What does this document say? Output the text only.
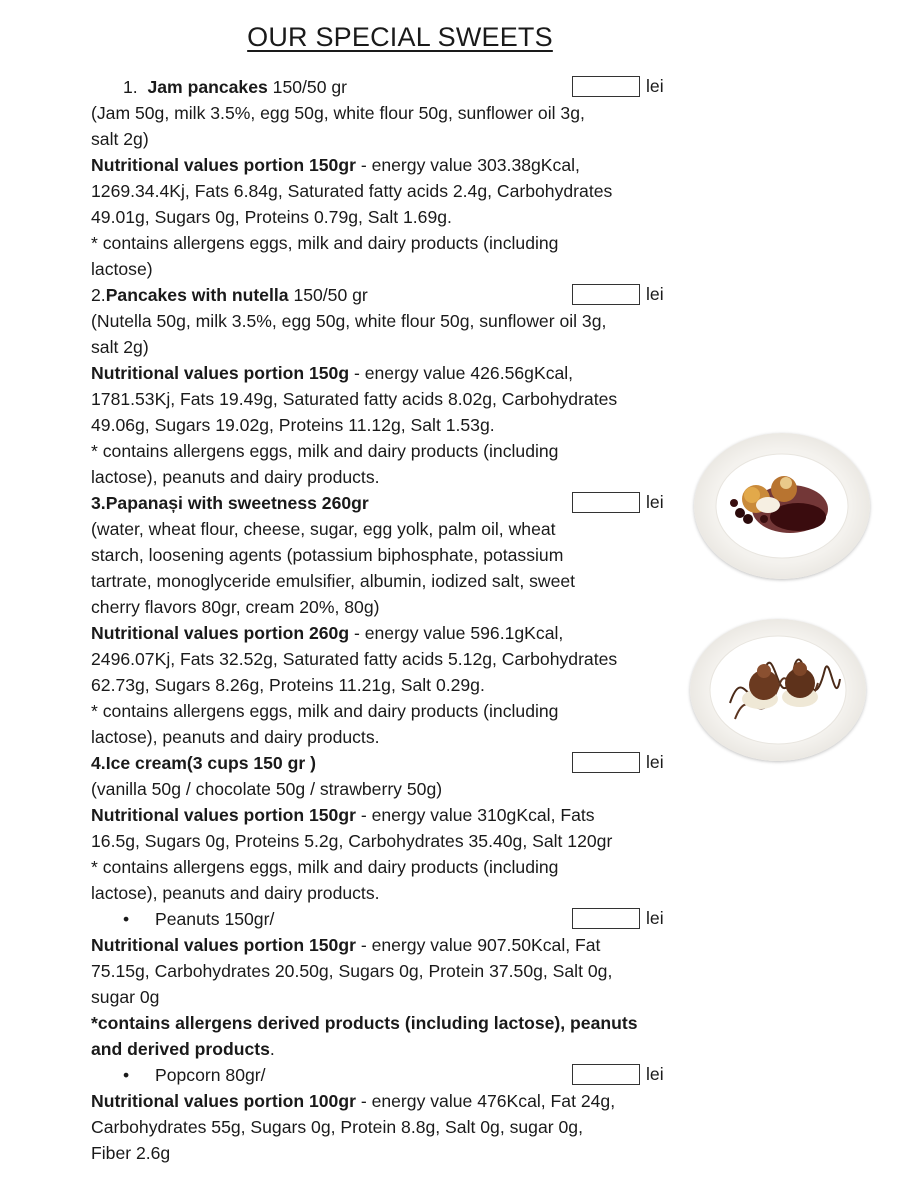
OUR SPECIAL SWEETS
1. Jam pancakes 150/50 gr	lei
(Jam 50g, milk 3.5%, egg 50g, white flour 50g, sunflower oil 3g,
salt 2g)
Nutritional values portion 150gr - energy value 303.38gKcal,
1269.34.4Kj, Fats 6.84g, Saturated fatty acids 2.4g, Carbohydrates
49.01g, Sugars 0g, Proteins 0.79g, Salt 1.69g.
* contains allergens eggs, milk and dairy products (including
lactose)
2.Pancakes with nutella 150/50 gr	lei
(Nutella 50g, milk 3.5%, egg 50g, white flour 50g, sunflower oil 3g,
salt 2g)
Nutritional values portion 150g - energy value 426.56gKcal,
1781.53Kj, Fats 19.49g, Saturated fatty acids 8.02g, Carbohydrates
49.06g, Sugars 19.02g, Proteins 11.12g, Salt 1.53g.
* contains allergens eggs, milk and dairy products (including
lactose), peanuts and dairy products.
3.Papanași with sweetness 260gr	lei
(water, wheat flour, cheese, sugar, egg yolk, palm oil, wheat
starch, loosening agents (potassium biphosphate, potassium
tartrate, monoglyceride emulsifier, albumin, iodized salt, sweet
cherry flavors 80gr, cream 20%, 80g)
Nutritional values portion 260g - energy value 596.1gKcal,
2496.07Kj, Fats 32.52g, Saturated fatty acids 5.12g, Carbohydrates
62.73g, Sugars 8.26g, Proteins 11.21g, Salt 0.29g.
* contains allergens eggs, milk and dairy products (including
lactose), peanuts and dairy products.
4.Ice cream(3 cups 150 gr )	lei
(vanilla 50g / chocolate 50g / strawberry 50g)
Nutritional values portion 150gr - energy value 310gKcal, Fats
16.5g, Sugars 0g, Proteins 5.2g, Carbohydrates 35.40g, Salt 120gr
* contains allergens eggs, milk and dairy products (including
lactose), peanuts and dairy products.
• Peanuts 150gr/	lei
Nutritional values portion 150gr - energy value 907.50Kcal, Fat
75.15g, Carbohydrates 20.50g, Sugars 0g, Protein 37.50g, Salt 0g,
sugar 0g
*contains allergens derived products (including lactose), peanuts
and derived products.
• Popcorn 80gr/	lei
Nutritional values portion 100gr - energy value 476Kcal, Fat 24g,
Carbohydrates 55g, Sugars 0g, Protein 8.8g, Salt 0g, sugar 0g,
Fiber 2.6g
